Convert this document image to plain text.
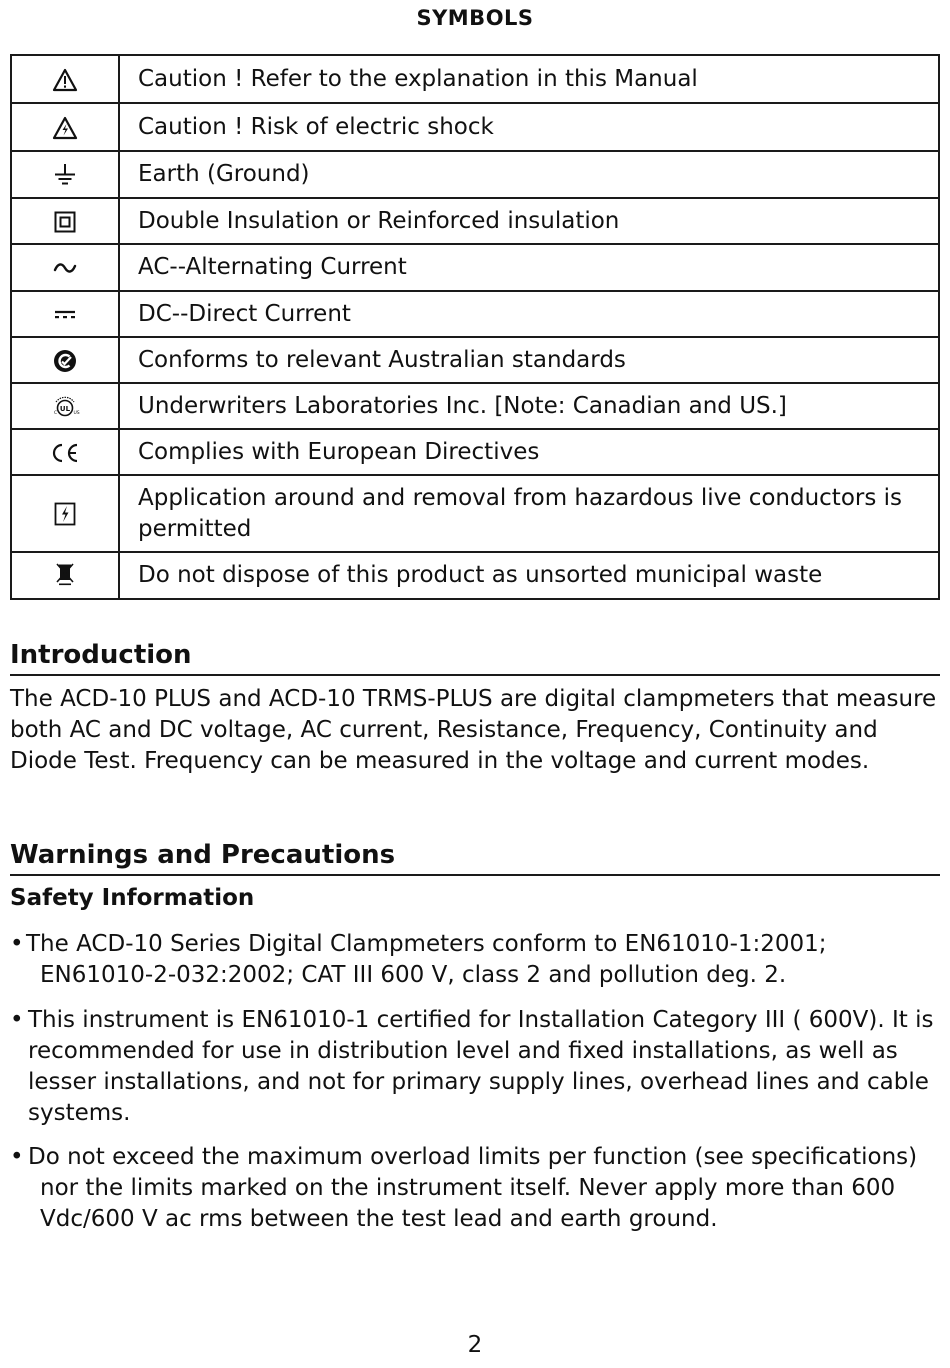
SYMBOLS
	Caution ! Refer to the explanation in this Manual

	Caution ! Risk of electric shock

	Earth (Ground)

	Double Insulation or Reinforced insulation

	AC--Alternating Current

	DC--Direct Current

	Conforms to relevant Australian standards

UL
C US	Underwriters Laboratories Inc. [Note: Canadian and US.]

	Complies with European Directives

	Application around and removal from hazardous live conductors is permitted

	Do not dispose of this product as unsorted municipal waste
Introduction
The ACD-10 PLUS and ACD-10 TRMS-PLUS are digital clampmeters that measure both AC and DC voltage, AC current, Resistance, Frequency, Continuity and Diode Test. Frequency can be measured in the voltage and current modes.
Warnings and Precautions
Safety Information
• The ACD-10 Series Digital Clampmeters conform to EN61010-1:2001; EN61010-2-032:2002; CAT III 600 V, class 2 and pollution deg. 2.
• This instrument is EN61010-1 certified for Installation Category III ( 600V). It is recommended for use in distribution level and fixed installations, as well as lesser installations, and not for primary supply lines, overhead lines and cable systems.
• Do not exceed the maximum overload limits per function (see specifications) nor the limits marked on the instrument itself. Never apply more than 600 Vdc/600 V ac rms between the test lead and earth ground.
2
